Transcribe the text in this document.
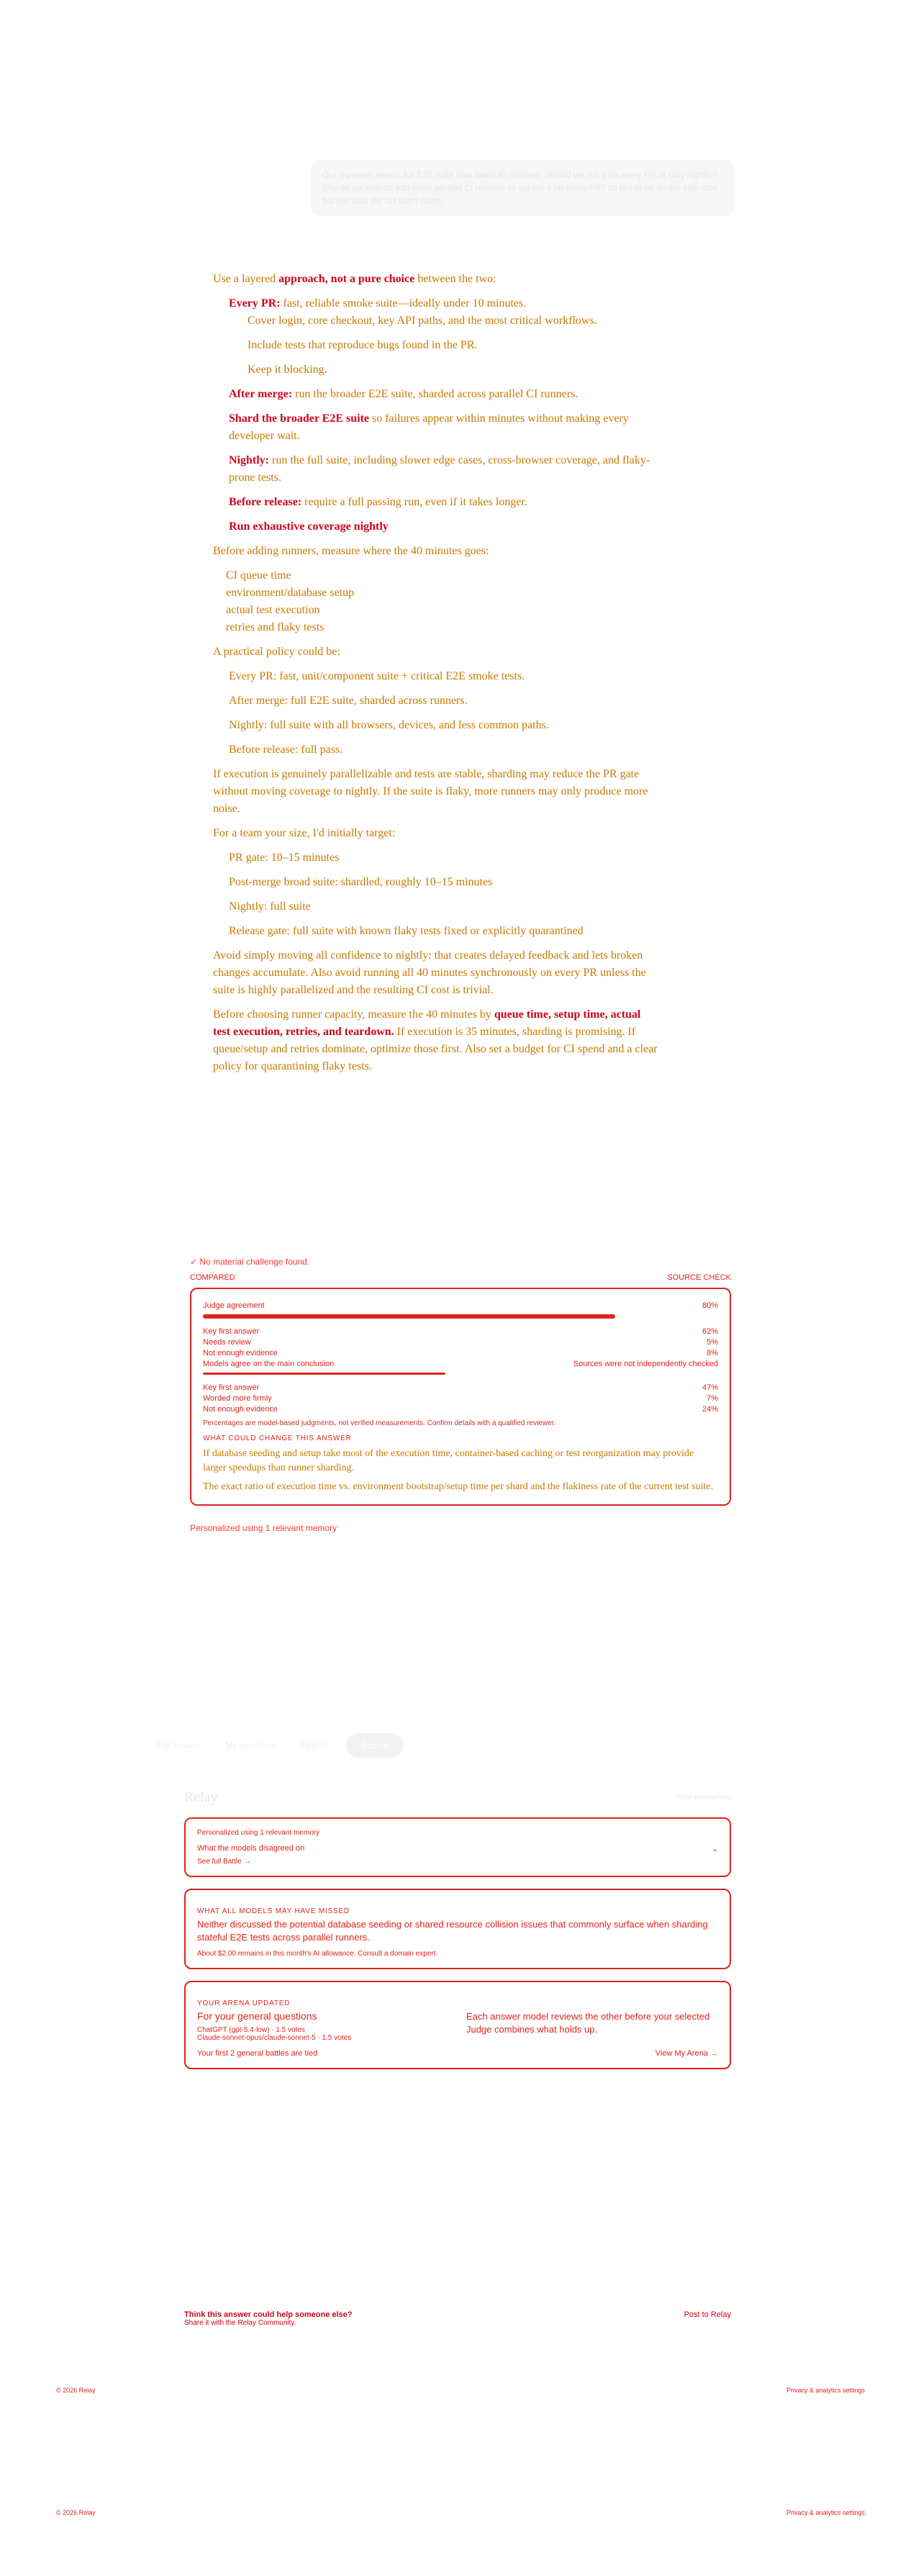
Our 4-person team's full E2E suite now takes 40 minutes. Should we run it on every PR or only nightly? Should we instead add more parallel CI runners so we run it on every PR? I'd like to be on the safe side but not slow the full team down.

Use a layered approach, not a pure choice between the two:

Every PR: fast, reliable smoke suite—ideally under 10 minutes.
Cover login, core checkout, key API paths, and the most critical workflows.
Include tests that reproduce bugs found in the PR.
Keep it blocking.
After merge: run the broader E2E suite, sharded across parallel CI runners.
Shard the broader E2E suite so failures appear within minutes without making every developer wait.
Nightly: run the full suite, including slower edge cases, cross-browser coverage, and flaky-prone tests.
Before release: require a full passing run, even if it takes longer.
Run exhaustive coverage nightly

Before adding runners, measure where the 40 minutes goes:

CI queue time
environment/database setup
actual test execution
retries and flaky tests

A practical policy could be:

Every PR: fast, unit/component suite + critical E2E smoke tests.
After merge: full E2E suite, sharded across runners.
Nightly: full suite with all browsers, devices, and less common paths.
Before release: full pass.

If execution is genuinely parallelizable and tests are stable, sharding may reduce the PR gate without moving coverage to nightly. If the suite is flaky, more runners may only produce more noise.

For a team your size, I'd initially target:

PR gate: 10–15 minutes
Post-merge broad suite: shardled, roughly 10–15 minutes
Nightly: full suite
Release gate: full suite with known flaky tests fixed or explicitly quarantined

Avoid simply moving all confidence to nightly: that creates delayed feedback and lets broken changes accumulate. Also avoid running all 40 minutes synchronously on every PR unless the suite is highly parallelized and the resulting CI cost is trivial.

Before choosing runner capacity, measure the 40 minutes by queue time, setup time, actual test execution, retries, and teardown. If execution is 35 minutes, sharding is promising. If queue/setup and retries dominate, optimize those first. Also set a budget for CI spend and a clear policy for quarantining flaky tests.

✓ No material challenge found.
COMPARED	SOURCE CHECK
Judge agreement	80%
Key first answer	62%
Needs review	5%
Not enough evidence	8%
Models agree on the main conclusion	Sources were not independently checked
Key first answer	47%
Worded more firmly	7%
Not enough evidence	24%
Percentages are model-based judgments, not verified measurements. Confirm details with a qualified reviewer.
WHAT COULD CHANGE THIS ANSWER
If database seeding and setup take most of the execution time, container-based caching or test reorganization may provide larger speedups than runner sharding.
The exact ratio of execution time vs. environment bootstrap/setup time per shard and the flakiness rate of the current test suite.
Personalized using 1 relevant memory
Full answer	My questions	Debrief	Accept
Relay	Hide comparison
Personalized using 1 relevant memory
What the models disagreed on	⌄
See full Battle →
WHAT ALL MODELS MAY HAVE MISSED
Neither discussed the potential database seeding or shared resource collision issues that commonly surface when sharding stateful E2E tests across parallel runners.
About $2.00 remains in this month's AI allowance. Consult a domain expert.
YOUR ARENA UPDATED
For your general questions
ChatGPT (gpt-5.4-low) · 1.5 votes
Claude-sonnet-opus/claude-sonnet-5 · 1.5 votes
Each answer model reviews the other before your selected Judge combines what holds up.
Your first 2 general battles are tied	View My Arena →
Think this answer could help someone else?
Share it with the Relay Community.
Post to Relay
© 2026 Relay	Privacy & analytics settings
© 2026 Relay	Privacy & analytics settings
